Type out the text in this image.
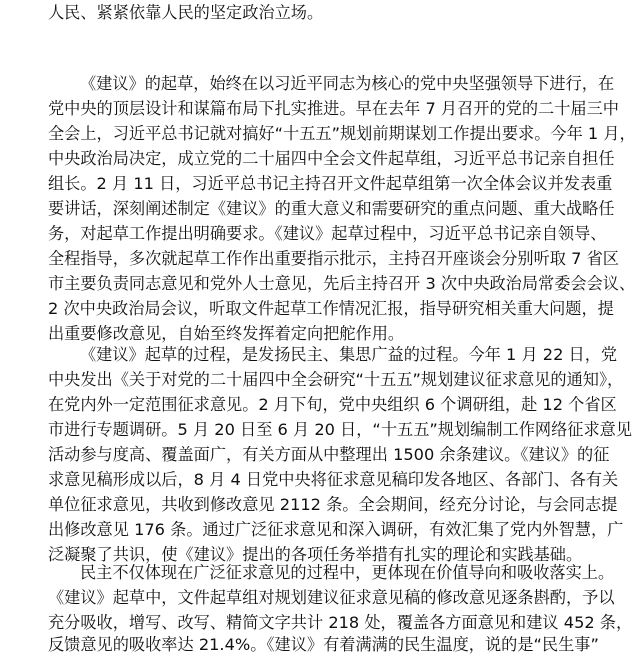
人民、紧紧依靠人民的坚定政治立场。
《建议》的起草，始终在以习近平同志为核心的党中央坚强领导下进行，在
党中央的顶层设计和谋篇布局下扎实推进。早在去年 7 月召开的党的二十届三中
全会上，习近平总书记就对搞好“十五五”规划前期谋划工作提出要求。今年 1 月，
中央政治局决定，成立党的二十届四中全会文件起草组，习近平总书记亲自担任
组长。2 月 11 日，习近平总书记主持召开文件起草组第一次全体会议并发表重
要讲话，深刻阐述制定《建议》的重大意义和需要研究的重点问题、重大战略任
务，对起草工作提出明确要求。《建议》起草过程中，习近平总书记亲自领导、
全程指导，多次就起草工作作出重要指示批示，主持召开座谈会分别听取 7 省区
市主要负责同志意见和党外人士意见，先后主持召开 3 次中央政治局常委会会议、
2 次中央政治局会议，听取文件起草工作情况汇报，指导研究相关重大问题，提
出重要修改意见，自始至终发挥着定向把舵作用。
《建议》起草的过程，是发扬民主、集思广益的过程。今年 1 月 22 日，党
中央发出《关于对党的二十届四中全会研究“十五五”规划建议征求意见的通知》，
在党内外一定范围征求意见。2 月下旬，党中央组织 6 个调研组，赴 12 个省区
市进行专题调研。5 月 20 日至 6 月 20 日，“十五五”规划编制工作网络征求意见
活动参与度高、覆盖面广，有关方面从中整理出 1500 余条建议。《建议》的征
求意见稿形成以后，8 月 4 日党中央将征求意见稿印发各地区、各部门、各有关
单位征求意见，共收到修改意见 2112 条。全会期间，经充分讨论，与会同志提
出修改意见 176 条。通过广泛征求意见和深入调研，有效汇集了党内外智慧，广
泛凝聚了共识，使《建议》提出的各项任务举措有扎实的理论和实践基础。
民主不仅体现在广泛征求意见的过程中，更体现在价值导向和吸收落实上。
《建议》起草中，文件起草组对规划建议征求意见稿的修改意见逐条斟酌，予以
充分吸收，增写、改写、精简文字共计 218 处，覆盖各方面意见和建议 452 条，
反馈意见的吸收率达 21.4%。《建议》有着满满的民生温度，说的是“民生事”
